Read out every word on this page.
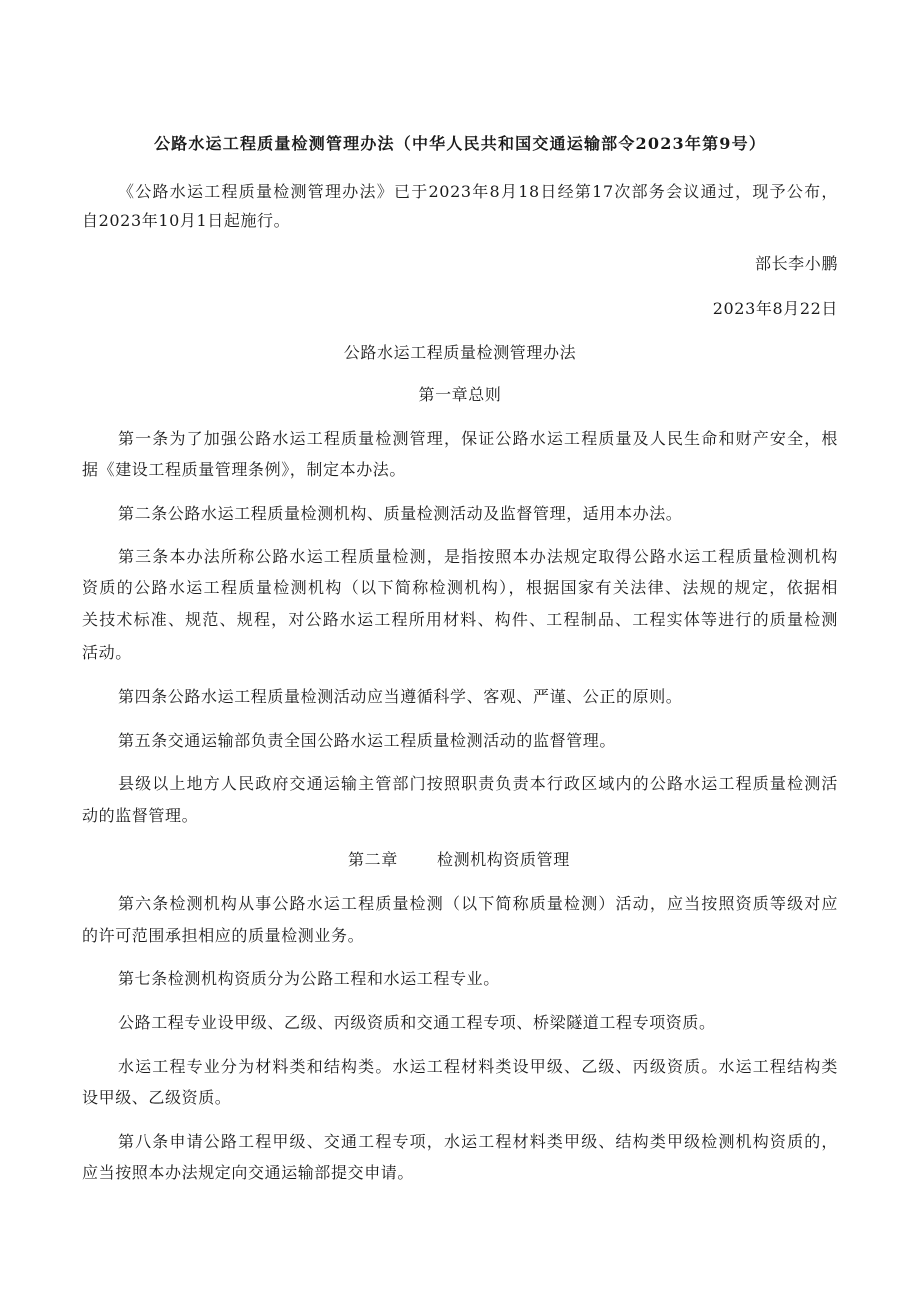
公路水运工程质量检测管理办法（中华人民共和国交通运输部令2023年第9号）
《公路水运工程质量检测管理办法》已于2023年8月18日经第17次部务会议通过，现予公布，
自2023年10月1日起施行。
部长李小鹏
2023年8月22日
公路水运工程质量检测管理办法
第一章总则
第一条为了加强公路水运工程质量检测管理，保证公路水运工程质量及人民生命和财产安全，根
据《建设工程质量管理条例》，制定本办法。
第二条公路水运工程质量检测机构、质量检测活动及监督管理，适用本办法。
第三条本办法所称公路水运工程质量检测，是指按照本办法规定取得公路水运工程质量检测机构
资质的公路水运工程质量检测机构（以下简称检测机构），根据国家有关法律、法规的规定，依据相
关技术标准、规范、规程，对公路水运工程所用材料、构件、工程制品、工程实体等进行的质量检测
活动。
第四条公路水运工程质量检测活动应当遵循科学、客观、严谨、公正的原则。
第五条交通运输部负责全国公路水运工程质量检测活动的监督管理。
县级以上地方人民政府交通运输主管部门按照职责负责本行政区域内的公路水运工程质量检测活
动的监督管理。
第二章 检测机构资质管理
第六条检测机构从事公路水运工程质量检测（以下简称质量检测）活动，应当按照资质等级对应
的许可范围承担相应的质量检测业务。
第七条检测机构资质分为公路工程和水运工程专业。
公路工程专业设甲级、乙级、丙级资质和交通工程专项、桥梁隧道工程专项资质。
水运工程专业分为材料类和结构类。水运工程材料类设甲级、乙级、丙级资质。水运工程结构类
设甲级、乙级资质。
第八条申请公路工程甲级、交通工程专项，水运工程材料类甲级、结构类甲级检测机构资质的，
应当按照本办法规定向交通运输部提交申请。
